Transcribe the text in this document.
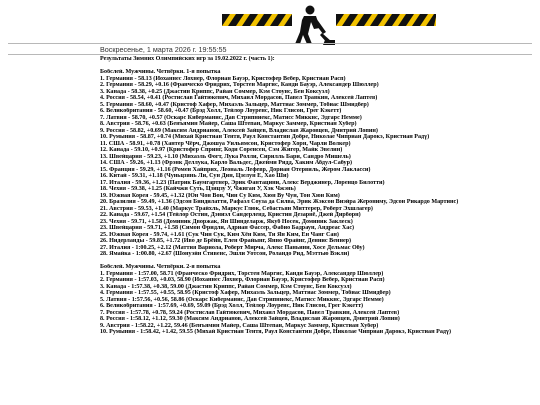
Воскресенье, 1 марта 2026 г. 19:55:55
Результаты Зимних Олимпийских игр за 19.02.2022 г. (часть 1):
Бобслей. Мужчины. Четвёрки. 1-я попытка
1. Германия - 58.13 (Йоханнес Лохнер, Флориан Бауэр, Кристофер Вебер, Кристиан Расп)
2. Германия - 58.29, +0.16 (Франческо Фридрих, Торстен Маргис, Канди Бауэр, Александер Шюллер)
3. Канада - 58.38, +0.25 (Джастин Криппс, Райан Соммер, Кэм Стоунс, Бен Коксуэл)
4. Россия - 58.54, +0.41 (Ростислав Гайтюкевич, Михаил Мордасов, Павел Травкин, Алексей Лаптев)
5. Германия - 58.60, +0.47 (Кристоф Хафер, Михаэль Зальцер, Маттиас Зоммер, Тобиас Шмидбер)
6. Великобритания - 58.60, +0.47 (Брэд Холл, Тейлор Лоуренс, Ник Глисон, Грег Кэкетт)
7. Латвия - 58.70, +0.57 (Оскарс Киберманис, Дав Стрипниекс, Матисс Миккнс, Эдгарс Немме)
8. Австрия - 58.76, +0.63 (Бенъямин Майер, Саша Штепан, Маркус Заммер, Кристиан Хубер)
9. Россия - 58.82, +0.69 (Максим Андрианов, Алексей Зайцев, Владислав Жаровцев, Дмитрий Лопин)
10. Румыния - 58.87, +0.74 (Михай Кристиан Тентя, Раул Константин Добре, Николае Чиприан Дарокэ, Кристиан Радү)
11. США - 58.91, +0.78 (Хантер Чёрч, Джошуа Уильямсон, Кристофер Хорн, Чарли Волкер)
12. Канада - 59.10, +0.97 (Кристофер Спринг, Коди Соренсен, Сэм Жигер, Майк Эвелин)
13. Швейцария - 59.23, +1.10 (Михаэль Фогт, Лука Ролли, Сирилль Бари, Сандро Мишель)
14. США - 59.26, +1.13 (Фрэнк Деллука, Карло Вальдес, Джейми Ридд, Хаким Абдул-Сабур)
15. Франция - 59.29, +1.16 (Ромен Хайприх, Леональ Лефевр, Дориан Отервиль, Жером Лакласси)
16. Китай - 59.31, +1.18 (Чуньцзянь Ли, Сун Дин, Цзелун Е, Хао Ши)
17. Италия - 59.36, +1.23 (Патрик Баумгартнер, Эрик Фантацини, Алекс Верджинер, Лоренцо Билотти)
18. Чехия - 59.38, +1.25 (Кайчжи Суть, Цзицзу У, Чжиган У, Хэк Чжэнь)
19. Южная Корея - 59.45, +1.32 (Юн Чон Вон, Чин Су Ким, Хюн Ву Чун, Тон Хюн Ким)
20. Бразилия - 59.49, +1.36 (Эдсон Биндилатти, Рафаэл Соуза да Силва, Эрик Жэксон Виэйра Жерониму, Эдсон Рикардо Мартинс)
21. Австрия - 59.53, +1.40 (Маркус Трайхль, Маркус Глюк, Себастьян Миттерер, Роберт Эхшлагер)
22. Канада - 59.67, +1.54 (Тейлор Остин, Дэниэл Сандерленд, Кристин Дезарнё, Джей Дирборн)
23. Чехия - 59.71, +1.58 (Доминик Дворжак, Ян Шинделарж, Якуб Носек, Доминик Заклеск)
23. Швейцария - 59.71, +1.58 (Симон Фридли, Адриан Фассер, Фабио Бадраун, Андреас Хас)
25. Южная Корея - 59.74, +1.61 (Сук Чин Сук, Ким Хён Ким, Ти Ян Ким, Ён Чанг Сан)
26. Нидерланды - 59.85, +1.72 (Иво де Брёйн, Елен Фрайынг, Янно Фрайнг, Деннис Веннер)
27. Италия - 1:00.25, +2.12 (Маттия Вариола, Роберт Мирча, Алекс Паньини, Хосе Дельмас Обу)
28. Ямайка - 1:00.80, +2.67 (Шонуэйн Стивенс, Эшли Уотсон, Роландо Рид, Мэттью Вэкли)
Бобслей. Мужчины. Четвёрки. 2-я попытка
1. Германия - 1:57.00, 58.71 (Франческо Фридрих, Торстен Маргис, Канди Бауэр, Александер Шюллер)
2. Германия - 1:57.03, +0.03, 58.90 (Йоханнес Лохнер, Флориан Бауэр, Кристофер Вебер, Кристиан Расп)
3. Канада - 1:57.38, +0.38, 59.00 (Джастин Криппс, Райан Соммер, Кэм Стоунс, Бен Коксуэл)
4. Германия - 1:57.55, +0.55, 58.95 (Кристоф Хафер, Михаэль Зальцер, Маттиас Зоммер, Тобиас Шмидбер)
5. Латвия - 1:57.56, +0.56, 58.86 (Оскарс Киберманис, Дав Стрипниекс, Матисс Миккнс, Эдгарс Немме)
6. Великобритания - 1:57.69, +0.69, 59.09 (Брэд Холл, Тейлор Лоуренс, Ник Глисон, Грег Кэкетт)
7. Россия - 1:57.78, +0.78, 59.24 (Ростислав Гайтюкевич, Михаил Мордасов, Павел Травкин, Алексей Лаптев)
8. Россия - 1:58.12, +1.12, 59.30 (Максим Андрианов, Алексей Зайцев, Владислав Жаровцев, Дмитрий Лопин)
9. Австрия - 1:58.22, +1.22, 59.46 (Бенъямин Майер, Саша Штепан, Маркус Заммер, Кристиан Хубер)
10. Румыния - 1:58.42, +1.42, 59.55 (Михай Кристиан Тентя, Раул Константин Добре, Николае Чиприан Дарокэ, Кристиан Радү)
